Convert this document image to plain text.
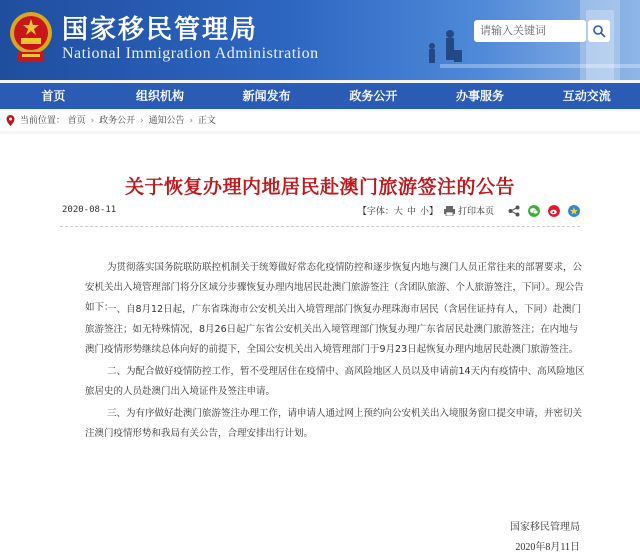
国家移民管理局
National Immigration Administration
请输入关键词
首页	组织机构	新闻发布	政务公开	办事服务	互动交流
当前位置： 首页 › 政务公开 › 通知公告 › 正文
关于恢复办理内地居民赴澳门旅游签注的公告
2020-08-11	【字体： 大 中 小 】 打印本页
为贯彻落实国务院联防联控机制关于统筹做好常态化疫情防控和逐步恢复内地与澳门人员正常往来的部署要求，公安机关出入境管理部门将分区域分步骤恢复办理内地居民赴澳门旅游签注（含团队旅游、个人旅游签注，下同）。现公告如下：
一、自8月12日起，广东省珠海市公安机关出入境管理部门恢复办理珠海市居民（含居住证持有人，下同）赴澳门旅游签注；如无特殊情况，8月26日起广东省公安机关出入境管理部门恢复办理广东省居民赴澳门旅游签注；在内地与澳门疫情形势继续总体向好的前提下，全国公安机关出入境管理部门于9月23日起恢复办理内地居民赴澳门旅游签注。
二、为配合做好疫情防控工作，暂不受理居住在疫情中、高风险地区人员以及申请前14天内有疫情中、高风险地区旅居史的人员赴澳门出入境证件及签注申请。
三、为有序做好赴澳门旅游签注办理工作，请申请人通过网上预约向公安机关出入境服务窗口提交申请，并密切关注澳门疫情形势和我局有关公告，合理安排出行计划。
国家移民管理局
2020年8月11日
